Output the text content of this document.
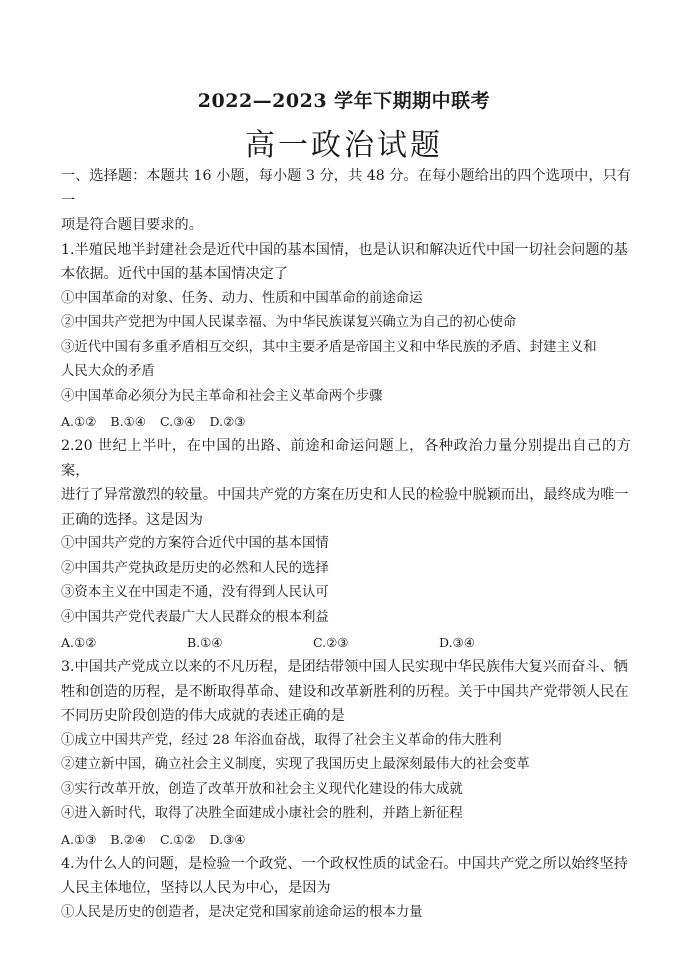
2022—2023 学年下期期中联考
高一政治试题

一、选择题：本题共 16 小题，每小题 3 分，共 48 分。在每小题给出的四个选项中，只有一

项是符合题目要求的。

1.半殖民地半封建社会是近代中国的基本国情，也是认识和解决近代中国一切社会问题的基

本依据。近代中国的基本国情决定了

①中国革命的对象、任务、动力、性质和中国革命的前途命运

②中国共产党把为中国人民谋幸福、为中华民族谋复兴确立为自己的初心使命

③近代中国有多重矛盾相互交织，其中主要矛盾是帝国主义和中华民族的矛盾、封建主义和

人民大众的矛盾

④中国革命必须分为民主革命和社会主义革命两个步骤

A.①② B.①④ C.③④ D.②③

2.20 世纪上半叶，在中国的出路、前途和命运问题上，各种政治力量分别提出自己的方案，

进行了异常激烈的较量。中国共产党的方案在历史和人民的检验中脱颖而出，最终成为唯一

正确的选择。这是因为

①中国共产党的方案符合近代中国的基本国情

②中国共产党执政是历史的必然和人民的选择

③资本主义在中国走不通，没有得到人民认可

④中国共产党代表最广大人民群众的根本利益

A.①②	B.①④	C.②③	D.③④

3.中国共产党成立以来的不凡历程，是团结带领中国人民实现中华民族伟大复兴而奋斗、牺

牲和创造的历程，是不断取得革命、建设和改革新胜利的历程。关于中国共产党带领人民在

不同历史阶段创造的伟大成就的表述正确的是

①成立中国共产党，经过 28 年浴血奋战，取得了社会主义革命的伟大胜利

②建立新中国，确立社会主义制度，实现了我国历史上最深刻最伟大的社会变革

③实行改革开放，创造了改革开放和社会主义现代化建设的伟大成就

④进入新时代，取得了决胜全面建成小康社会的胜利，并踏上新征程

A.①③ B.②④ C.①② D.③④

4.为什么人的问题，是检验一个政党、一个政权性质的试金石。中国共产党之所以始终坚持

人民主体地位，坚持以人民为中心，是因为

①人民是历史的创造者，是决定党和国家前途命运的根本力量
